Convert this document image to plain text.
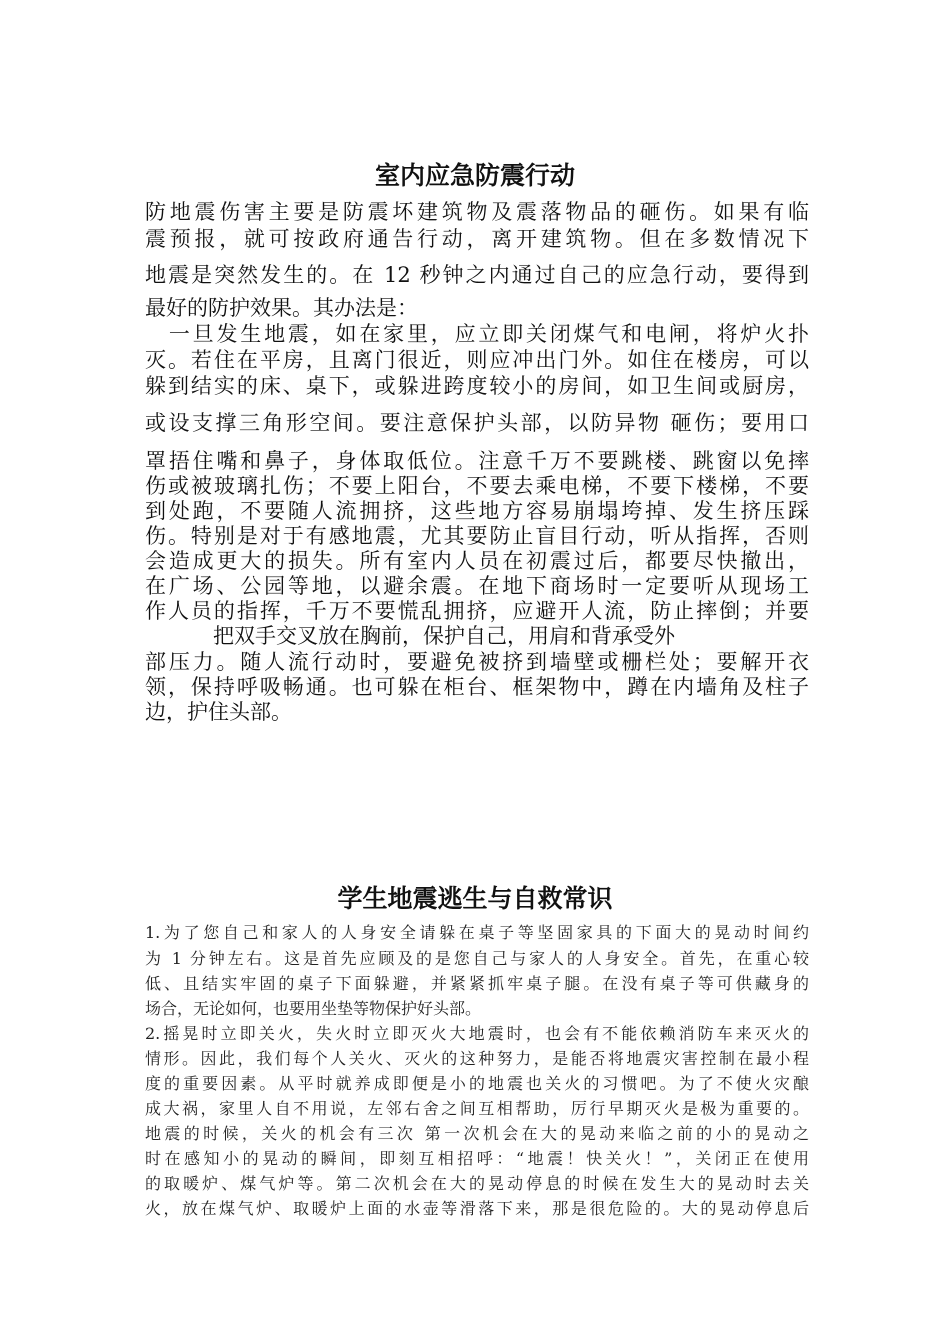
室内应急防震行动

防地震伤害主要是防震坏建筑物及震落物品的砸伤。如果有临

震预报，就可按政府通告行动，离开建筑物。但在多数情况下

地震是突然发生的。在 12 秒钟之内通过自己的应急行动，要得到

最好的防护效果。其办法是：

　一旦发生地震，如在家里，应立即关闭煤气和电闸，将炉火扑

灭。若住在平房，且离门很近，则应冲出门外。如住在楼房，可以

躲到结实的床、桌下，或躲进跨度较小的房间，如卫生间或厨房，

或设支撑三角形空间。要注意保护头部，以防异物 砸伤；要用口

罩捂住嘴和鼻子，身体取低位。注意千万不要跳楼、跳窗以免摔

伤或被玻璃扎伤；不要上阳台，不要去乘电梯，不要下楼梯，不要

到处跑，不要随人流拥挤，这些地方容易崩塌垮掉、发生挤压踩

伤。特别是对于有感地震，尤其要防止盲目行动，听从指挥，否则

会造成更大的损失。所有室内人员在初震过后，都要尽快撤出，

在广场、公园等地，以避余震。在地下商场时一定要听从现场工

作人员的指挥，千万不要慌乱拥挤，应避开人流，防止摔倒；并要

把双手交叉放在胸前，保护自己，用肩和背承受外

部压力。随人流行动时，要避免被挤到墙壁或栅栏处；要解开衣

领，保持呼吸畅通。也可躲在柜台、框架物中，蹲在内墙角及柱子

边，护住头部。

学生地震逃生与自救常识

1.为了您自己和家人的人身安全请躲在桌子等坚固家具的下面大的晃动时间约

为 1 分钟左右。这是首先应顾及的是您自己与家人的人身安全。首先，在重心较

低、且结实牢固的桌子下面躲避，并紧紧抓牢桌子腿。在没有桌子等可供藏身的

场合，无论如何，也要用坐垫等物保护好头部。

2.摇晃时立即关火，失火时立即灭火大地震时，也会有不能依赖消防车来灭火的

情形。因此，我们每个人关火、灭火的这种努力，是能否将地震灾害控制在最小程

度的重要因素。从平时就养成即便是小的地震也关火的习惯吧。为了不使火灾酿

成大祸，家里人自不用说，左邻右舍之间互相帮助，厉行早期灭火是极为重要的。

地震的时候，关火的机会有三次 第一次机会在大的晃动来临之前的小的晃动之

时在感知小的晃动的瞬间，即刻互相招呼：“地震！快关火！”，关闭正在使用

的取暖炉、煤气炉等。第二次机会在大的晃动停息的时候在发生大的晃动时去关

火，放在煤气炉、取暖炉上面的水壶等滑落下来，那是很危险的。大的晃动停息后
